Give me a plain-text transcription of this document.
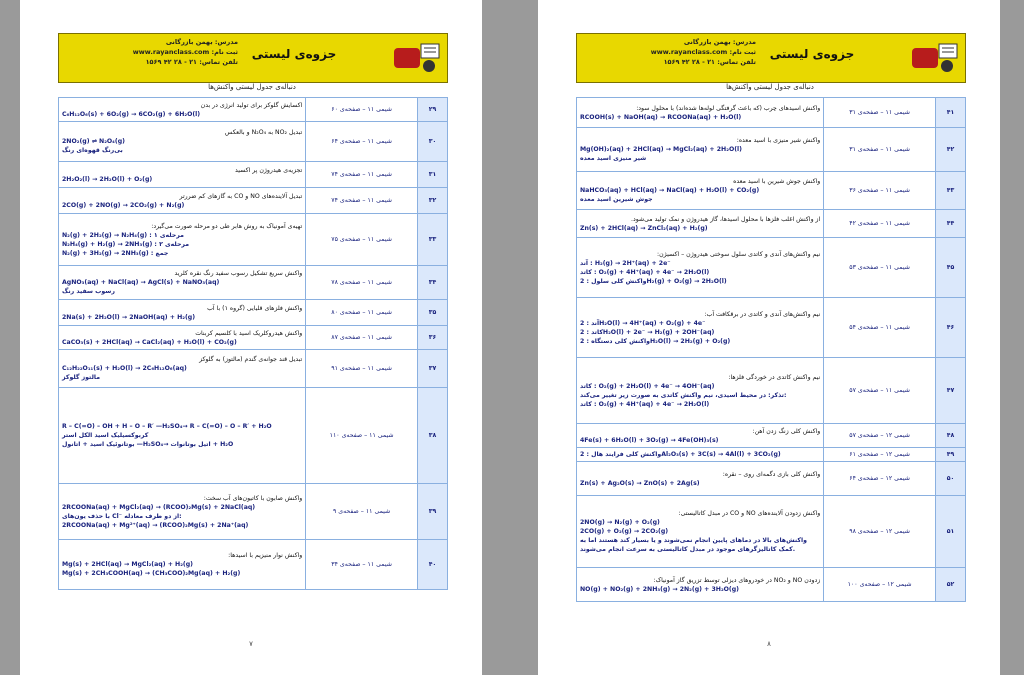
مدرس: بهمن بازرگانی
ثبت نام: www.rayanclass.com
تلفن تماس: ۲۱ - ۲۸ ۴۲ ۱۵۶۹
جزوه‌ی لیستی
دنباله‌ی جدول لیستی واکنش‌ها
اکسایش گلوکز برای تولید انرژی در بدن
C₆H₁₂O₆(s) + 6O₂(g) → 6CO₂(g) + 6H₂O(l)	شیمی ۱۱ – صفحه‌ی ۶۰	۲۹

تبدیل NO₂ به N₂O₄ و بالعکس
2NO₂(g) ⇌ N₂O₄(g)
بی‌رنگ قهوه‌ای رنگ	شیمی ۱۱ – صفحه‌ی ۶۴	۳۰

تجزیه‌ی هیدروژن پر اکسید
2H₂O₂(l) → 2H₂O(l) + O₂(g)	شیمی ۱۱ – صفحه‌ی ۷۴	۳۱

تبدیل آلاینده‌های NO و CO به گازهای کم ضررتر
2CO(g) + 2NO(g) → 2CO₂(g) + N₂(g)	شیمی ۱۱ – صفحه‌ی ۷۴	۳۲

تهیه‌ی آمونیاک به روش هابر طی دو مرحله صورت می‌گیرد:
N₂(g) + 2H₂(g) → N₂H₄(g) : مرحله‌ی ۱
N₂H₄(g) + H₂(g) → 2NH₃(g) : مرحله‌ی ۲
N₂(g) + 3H₂(g) → 2NH₃(g) : جمع	شیمی ۱۱ – صفحه‌ی ۷۵	۳۳

واکنش سریع تشکیل رسوب سفید رنگ نقره کلرید
AgNO₃(aq) + NaCl(aq) → AgCl(s) + NaNO₃(aq)
رسوب سفید رنگ	شیمی ۱۱ – صفحه‌ی ۷۸	۳۴

واکنش فلزهای قلیایی (گروه ۱) با آب
2Na(s) + 2H₂O(l) → 2NaOH(aq) + H₂(g)	شیمی ۱۱ – صفحه‌ی ۸۰	۳۵

واکنش هیدروکلریک اسید با کلسیم کربنات
CaCO₃(s) + 2HCl(aq) → CaCl₂(aq) + H₂O(l) + CO₂(g)	شیمی ۱۱ – صفحه‌ی ۸۷	۳۶

تبدیل قند جوانه‌ی گندم (مالتوز) به گلوکز
C₁₂H₂₂O₁₁(s) + H₂O(l) → 2C₆H₁₂O₆(aq)
مالتوز گلوکز	شیمی ۱۱ – صفحه‌ی ۹۱	۳۷

R – C(=O) – OH + H – O – R′ —H₂SO₄→ R – C(=O) – O – R′ + H₂O
کربوکسیلیک اسید الکل استر
بوتانوئیک اسید + اتانول —H₂SO₄→ اتیل بوتانوات + H₂O	شیمی ۱۱ – صفحه‌ی ۱۱۰	۳۸

واکنش صابون با کاتیون‌های آب سخت:
2RCOONa(aq) + MgCl₂(aq) → (RCOO)₂Mg(s) + 2NaCl(aq)
با حذف یون‌های Cl⁻ از دو طرف معادله:
2RCOONa(aq) + Mg²⁺(aq) → (RCOO)₂Mg(s) + 2Na⁺(aq)	شیمی ۱۱ – صفحه‌ی ۹	۳۹

واکنش نوار منیزیم با اسیدها:
Mg(s) + 2HCl(aq) → MgCl₂(aq) + H₂(g)
Mg(s) + 2CH₃COOH(aq) → (CH₃COO)₂Mg(aq) + H₂(g)	شیمی ۱۱ – صفحه‌ی ۳۴	۴۰
۷
مدرس: بهمن بازرگانی
ثبت نام: www.rayanclass.com
تلفن تماس: ۲۱ - ۲۸ ۴۲ ۱۵۶۹
جزوه‌ی لیستی
دنباله‌ی جدول لیستی واکنش‌ها
واکنش اسیدهای چرب (که باعث گرفتگی لوله‌ها شده‌اند) با محلول سود:
RCOOH(s) + NaOH(aq) → RCOONa(aq) + H₂O(l)	شیمی ۱۱ – صفحه‌ی ۳۱	۴۱

واکنش شیر منیزی با اسید معده:
Mg(OH)₂(aq) + 2HCl(aq) → MgCl₂(aq) + 2H₂O(l)
شیر منیزی اسید معده	شیمی ۱۱ – صفحه‌ی ۳۱	۴۲

واکنش جوش شیرین با اسید معده
NaHCO₃(aq) + HCl(aq) → NaCl(aq) + H₂O(l) + CO₂(g)
جوش شیرین اسید معده	شیمی ۱۱ – صفحه‌ی ۳۶	۴۳

از واکنش اغلب فلزها با محلول اسیدها، گاز هیدروژن و نمک تولید می‌شود.
Zn(s) + 2HCl(aq) → ZnCl₂(aq) + H₂(g)	شیمی ۱۱ – صفحه‌ی ۴۲	۴۴

نیم واکنش‌های آندی و کاتدی سلول سوختی هیدروژن – اکسیژن:
آند : H₂(g) → 2H⁺(aq) + 2e⁻
کاتد : O₂(g) + 4H⁺(aq) + 4e⁻ → 2H₂O(l)
واکنش کلی سلول : 2H₂(g) + O₂(g) → 2H₂O(l)	شیمی ۱۱ – صفحه‌ی ۵۳	۴۵

نیم واکنش‌های آندی و کاتدی در برقکافت آب:
آند : 2H₂O(l) → 4H⁺(aq) + O₂(g) + 4e⁻
کاتد : 2H₂O(l) + 2e⁻ → H₂(g) + 2OH⁻(aq)
واکنش کلی دستگاه : 2H₂O(l) → 2H₂(g) + O₂(g)	شیمی ۱۱ – صفحه‌ی ۵۴	۴۶

نیم واکنش کاتدی در خوردگی فلزها:
کاتد : O₂(g) + 2H₂O(l) + 4e⁻ → 4OH⁻(aq)
تذکر: در محیط اسیدی، نیم واکنش کاتدی به صورت زیر تغییر می‌کند:
کاتد : O₂(g) + 4H⁺(aq) + 4e⁻ → 2H₂O(l)	شیمی ۱۱ – صفحه‌ی ۵۷	۴۷

واکنش کلی زنگ زدن آهن:
4Fe(s) + 6H₂O(l) + 3O₂(g) → 4Fe(OH)₃(s)	شیمی ۱۲ – صفحه‌ی ۵۷	۴۸

واکنش کلی فرایند هال : 2Al₂O₃(s) + 3C(s) → 4Al(l) + 3CO₂(g)	شیمی ۱۲ – صفحه‌ی ۶۱	۴۹

واکنش کلی بازی دگمه‌ای روی – نقره:
Zn(s) + Ag₂O(s) → ZnO(s) + 2Ag(s)	شیمی ۱۲ – صفحه‌ی ۶۴	۵۰

واکنش زدودن آلاینده‌های NO و CO در مبدل کاتالیستی:
2NO(g) → N₂(g) + O₂(g)
2CO(g) + O₂(g) → 2CO₂(g)
واکنش‌های بالا در دماهای پایین انجام نمی‌شوند و یا بسیار کند هستند اما به کمک کاتالیزگرهای موجود در مبدل کاتالیستی به سرعت انجام می‌شوند.	شیمی ۱۲ – صفحه‌ی ۹۸	۵۱

زدودن NO و NO₂ در خودروهای دیزلی توسط تزریق گاز آمونیاک:
NO(g) + NO₂(g) + 2NH₃(g) → 2N₂(g) + 3H₂O(g)	شیمی ۱۲ – صفحه‌ی ۱۰۰	۵۲
۸
